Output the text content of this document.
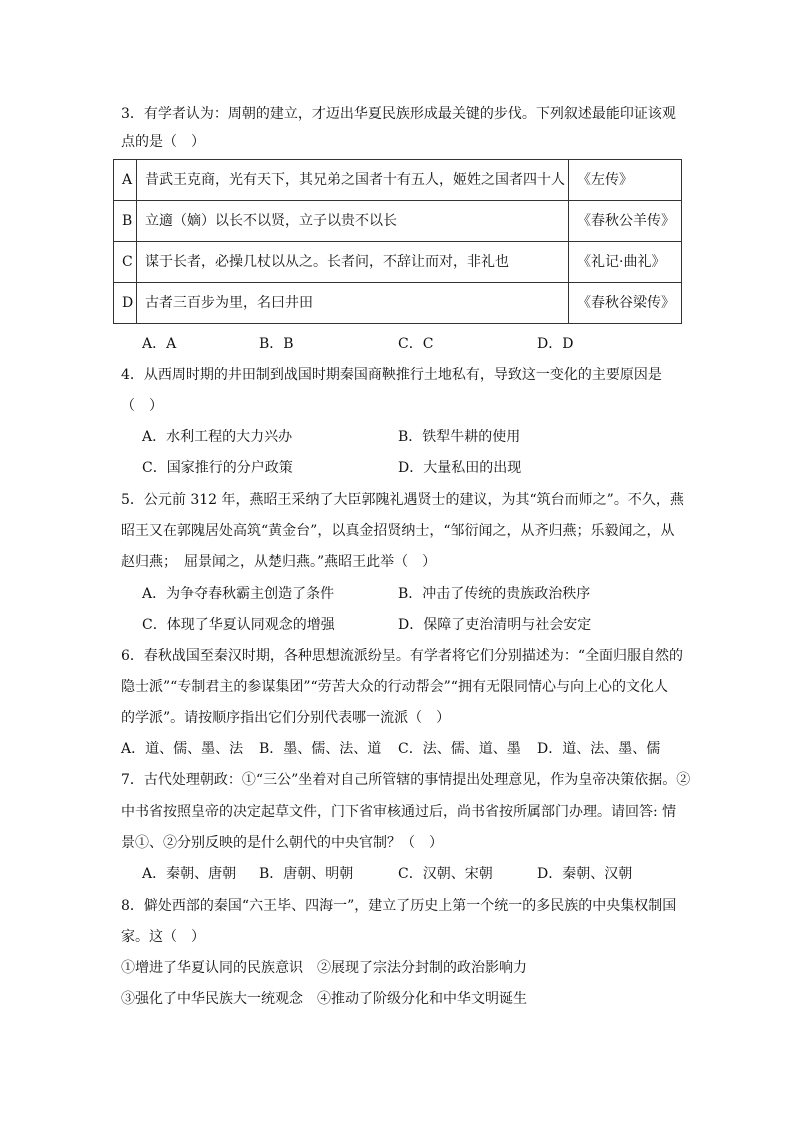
3．有学者认为：周朝的建立，才迈出华夏民族形成最关键的步伐。下列叙述最能印证该观
点的是（　）
A	昔武王克商，光有天下，其兄弟之国者十有五人，姬姓之国者四十人	《左传》
B	立適（嫡）以长不以贤，立子以贵不以长	《春秋公羊传》
C	谋于长者，必操几杖以从之。长者问，不辞让而对，非礼也	《礼记·曲礼》
D	古者三百步为里，名曰井田	《春秋谷梁传》
A．A	B．B	C．C	D．D
4．从西周时期的井田制到战国时期秦国商鞅推行土地私有，导致这一变化的主要原因是
（　）
A．水利工程的大力兴办	B．铁犁牛耕的使用
C．国家推行的分户政策	D．大量私田的出现
5．公元前 312 年，燕昭王采纳了大臣郭隗礼遇贤士的建议，为其“筑台而师之”。不久，燕
昭王又在郭隗居处高筑“黄金台”，以真金招贤纳士，“邹衍闻之，从齐归燕；乐毅闻之，从
赵归燕；　屈景闻之，从楚归燕。”燕昭王此举（　）
A．为争夺春秋霸主创造了条件	B．冲击了传统的贵族政治秩序
C．体现了华夏认同观念的增强	D．保障了吏治清明与社会安定
6．春秋战国至秦汉时期，各种思想流派纷呈。有学者将它们分别描述为：“全面归服自然的
隐士派”“专制君主的参谋集团”“劳苦大众的行动帮会”“拥有无限同情心与向上心的文化人
的学派”。请按顺序指出它们分别代表哪一流派（　）
A．道、儒、墨、法 B．墨、儒、法、道 C．法、儒、道、墨 D．道、法、墨、儒
7．古代处理朝政：①“三公”坐着对自己所管辖的事情提出处理意见，作为皇帝决策依据。②
中书省按照皇帝的决定起草文件，门下省审核通过后，尚书省按所属部门办理。请回答: 情
景①、②分别反映的是什么朝代的中央官制？（　）
A．秦朝、唐朝 B．唐朝、明朝	C．汉朝、宋朝	D．秦朝、汉朝
8．僻处西部的秦国“六王毕、四海一”，建立了历史上第一个统一的多民族的中央集权制国
家。这（　）
①增进了华夏认同的民族意识　②展现了宗法分封制的政治影响力
③强化了中华民族大一统观念　④推动了阶级分化和中华文明诞生
